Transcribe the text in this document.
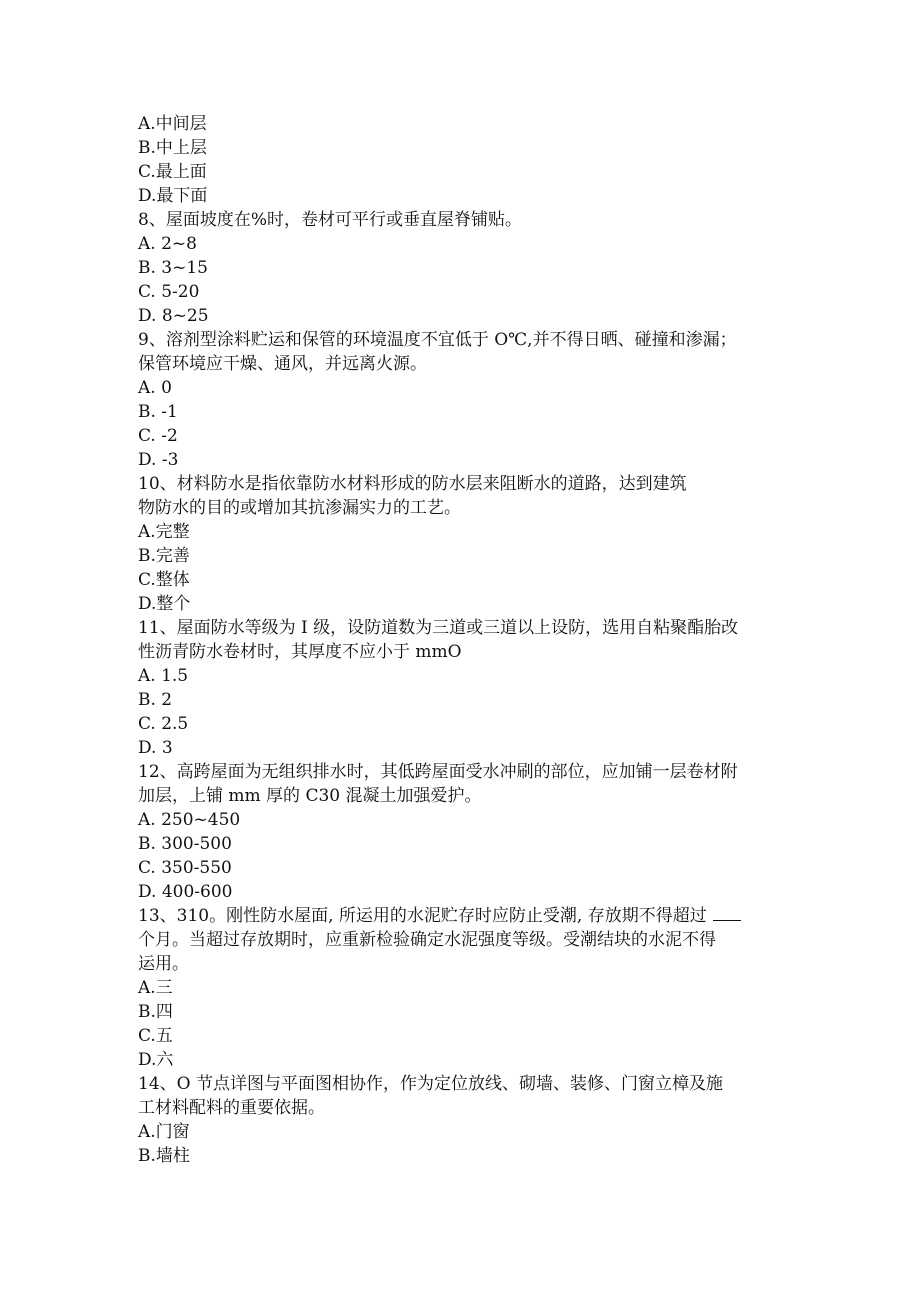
A.中间层
B.中上层
C.最上面
D.最下面
8、屋面坡度在%时，卷材可平行或垂直屋脊铺贴。
A. 2~8
B. 3~15
C. 5-20
D. 8~25
9、溶剂型涂料贮运和保管的环境温度不宜低于 O℃,并不得日晒、碰撞和渗漏；
保管环境应干燥、通风，并远离火源。
A. 0
B. -1
C. -2
D. -3
10、材料防水是指依靠防水材料形成的防水层来阻断水的道路，达到建筑
物防水的目的或增加其抗渗漏实力的工艺。
A.完整
B.完善
C.整体
D.整个
11、屋面防水等级为 I 级，设防道数为三道或三道以上设防，选用自粘聚酯胎改
性沥青防水卷材时，其厚度不应小于 mmO
A. 1.5
B. 2
C. 2.5
D. 3
12、高跨屋面为无组织排水时，其低跨屋面受水冲刷的部位，应加铺一层卷材附
加层，上铺 mm 厚的 C30 混凝土加强爱护。
A. 250~450
B. 300-500
C. 350-550
D. 400-600
13、310。刚性防水屋面, 所运用的水泥贮存时应防止受潮, 存放期不得超过
个月。当超过存放期时，应重新检验确定水泥强度等级。受潮结块的水泥不得
运用。
A.三
B.四
C.五
D.六
14、O 节点详图与平面图相协作，作为定位放线、砌墙、装修、门窗立樟及施
工材料配料的重要依据。
A.门窗
B.墙柱
